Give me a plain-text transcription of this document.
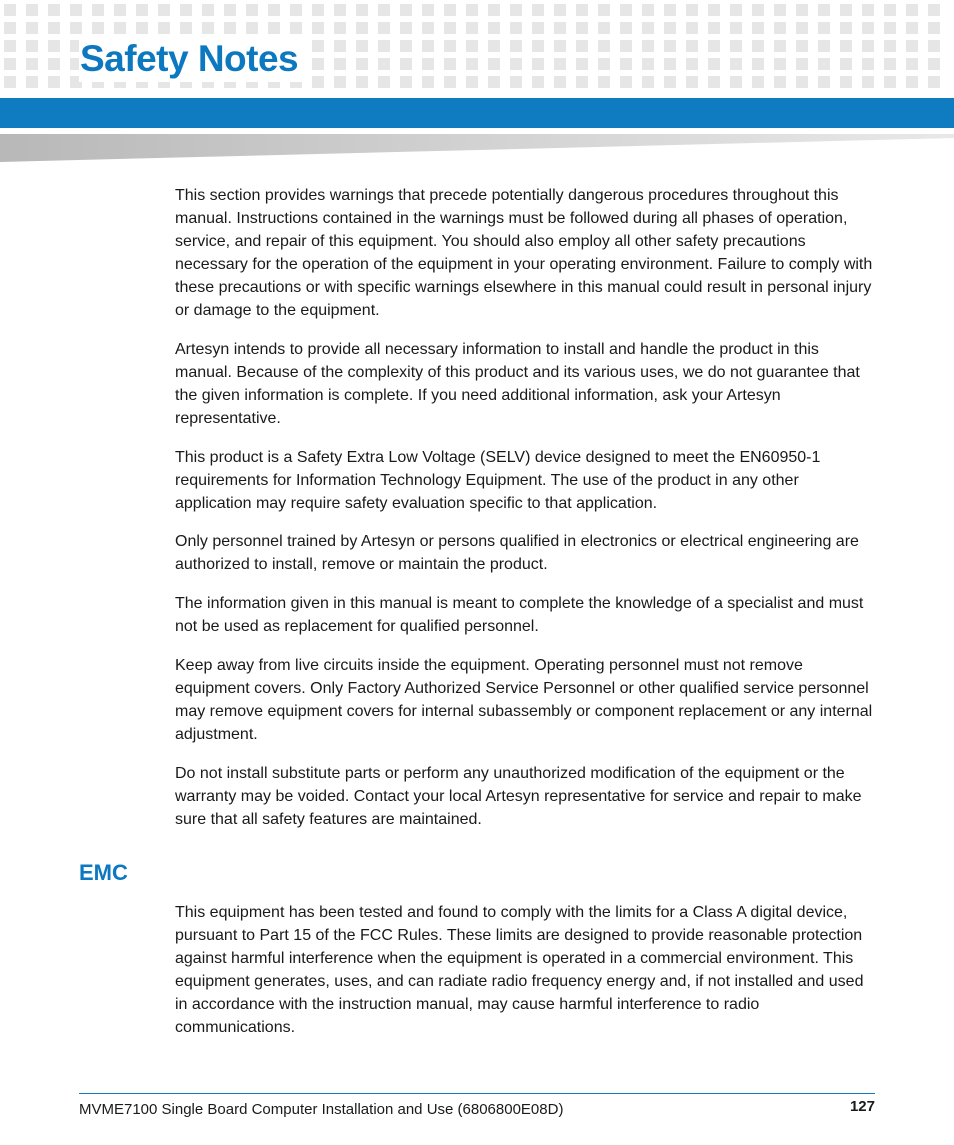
Safety Notes

This section provides warnings that precede potentially dangerous procedures throughout this manual. Instructions contained in the warnings must be followed during all phases of operation, service, and repair of this equipment. You should also employ all other safety precautions necessary for the operation of the equipment in your operating environment. Failure to comply with these precautions or with specific warnings elsewhere in this manual could result in personal injury or damage to the equipment.

Artesyn intends to provide all necessary information to install and handle the product in this manual. Because of the complexity of this product and its various uses, we do not guarantee that the given information is complete. If you need additional information, ask your Artesyn representative.

This product is a Safety Extra Low Voltage (SELV) device designed to meet the EN60950-1 requirements for Information Technology Equipment. The use of the product in any other application may require safety evaluation specific to that application.

Only personnel trained by Artesyn or persons qualified in electronics or electrical engineering are authorized to install, remove or maintain the product.

The information given in this manual is meant to complete the knowledge of a specialist and must not be used as replacement for qualified personnel.

Keep away from live circuits inside the equipment. Operating personnel must not remove equipment covers. Only Factory Authorized Service Personnel or other qualified service personnel may remove equipment covers for internal subassembly or component replacement or any internal adjustment.

Do not install substitute parts or perform any unauthorized modification of the equipment or the warranty may be voided. Contact your local Artesyn representative for service and repair to make sure that all safety features are maintained.

EMC

This equipment has been tested and found to comply with the limits for a Class A digital device, pursuant to Part 15 of the FCC Rules. These limits are designed to provide reasonable protection against harmful interference when the equipment is operated in a commercial environment. This equipment generates, uses, and can radiate radio frequency energy and, if not installed and used in accordance with the instruction manual, may cause harmful interference to radio communications.

MVME7100 Single Board Computer Installation and Use (6806800E08D)	127
